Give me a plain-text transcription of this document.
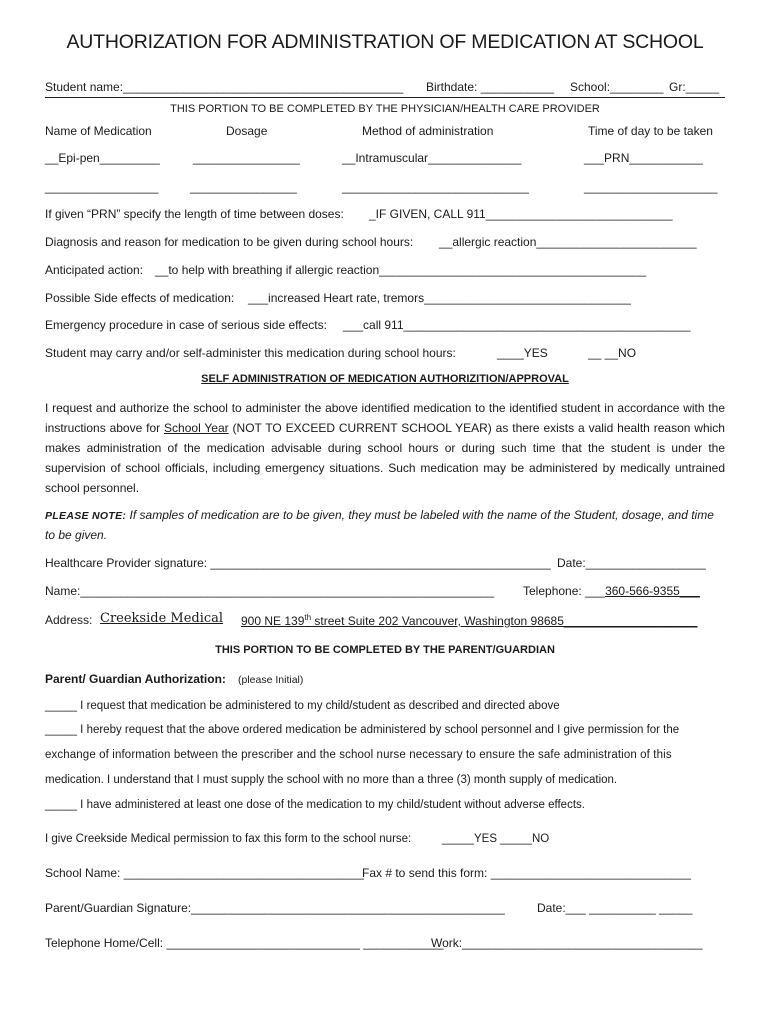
AUTHORIZATION FOR ADMINISTRATION OF MEDICATION AT SCHOOL
Student name:__________________________________________ Birthdate: ___________ School:________ Gr:_____
THIS PORTION TO BE COMPLETED BY THE PHYSICIAN/HEALTH CARE PROVIDER
Name of Medication	Dosage	Method of administration	Time of day to be taken
__Epi-pen_________	________________	__Intramuscular______________	___PRN___________
_________________	________________	____________________________	____________________
If given “PRN” specify the length of time between doses: _IF GIVEN, CALL 911____________________________
Diagnosis and reason for medication to be given during school hours: __allergic reaction________________________
Anticipated action: __to help with breathing if allergic reaction________________________________________
Possible Side effects of medication: ___increased Heart rate, tremors_______________________________
Emergency procedure in case of serious side effects: ___call 911___________________________________________
Student may carry and/or self-administer this medication during school hours:	____YES	__ __NO
SELF ADMINISTRATION OF MEDICATION AUTHORIZITION/APPROVAL
I request and authorize the school to administer the above identified medication to the identified student in accordance with the instructions above for School Year (NOT TO EXCEED CURRENT SCHOOL YEAR) as there exists a valid health reason which makes administration of the medication advisable during school hours or during such time that the student is under the supervision of school officials, including emergency situations. Such medication may be administered by medically untrained school personnel.
PLEASE NOTE: If samples of medication are to be given, they must be labeled with the name of the Student, dosage, and time to be given.
Healthcare Provider signature: ___________________________________________________ Date:__________________
Name:______________________________________________________________ Telephone: ___360-566-9355___
Address: Creekside Medical 900 NE 139th street Suite 202 Vancouver, Washington 98685____________________
THIS PORTION TO BE COMPLETED BY THE PARENT/GUARDIAN
Parent/ Guardian Authorization: (please Initial)
_____ I request that medication be administered to my child/student as described and directed above
_____ I hereby request that the above ordered medication be administered by school personnel and I give permission for the
exchange of information between the prescriber and the school nurse necessary to ensure the safe administration of this
medication. I understand that I must supply the school with no more than a three (3) month supply of medication.
_____ I have administered at least one dose of the medication to my child/student without adverse effects.
I give Creekside Medical permission to fax this form to the school nurse:	_____YES _____NO
School Name: ____________________________________
Fax # to send this form: ______________________________
Parent/Guardian Signature:_______________________________________________	Date:___ __________ _____
Telephone Home/Cell: _____________________________ ____________
Work:____________________________________
